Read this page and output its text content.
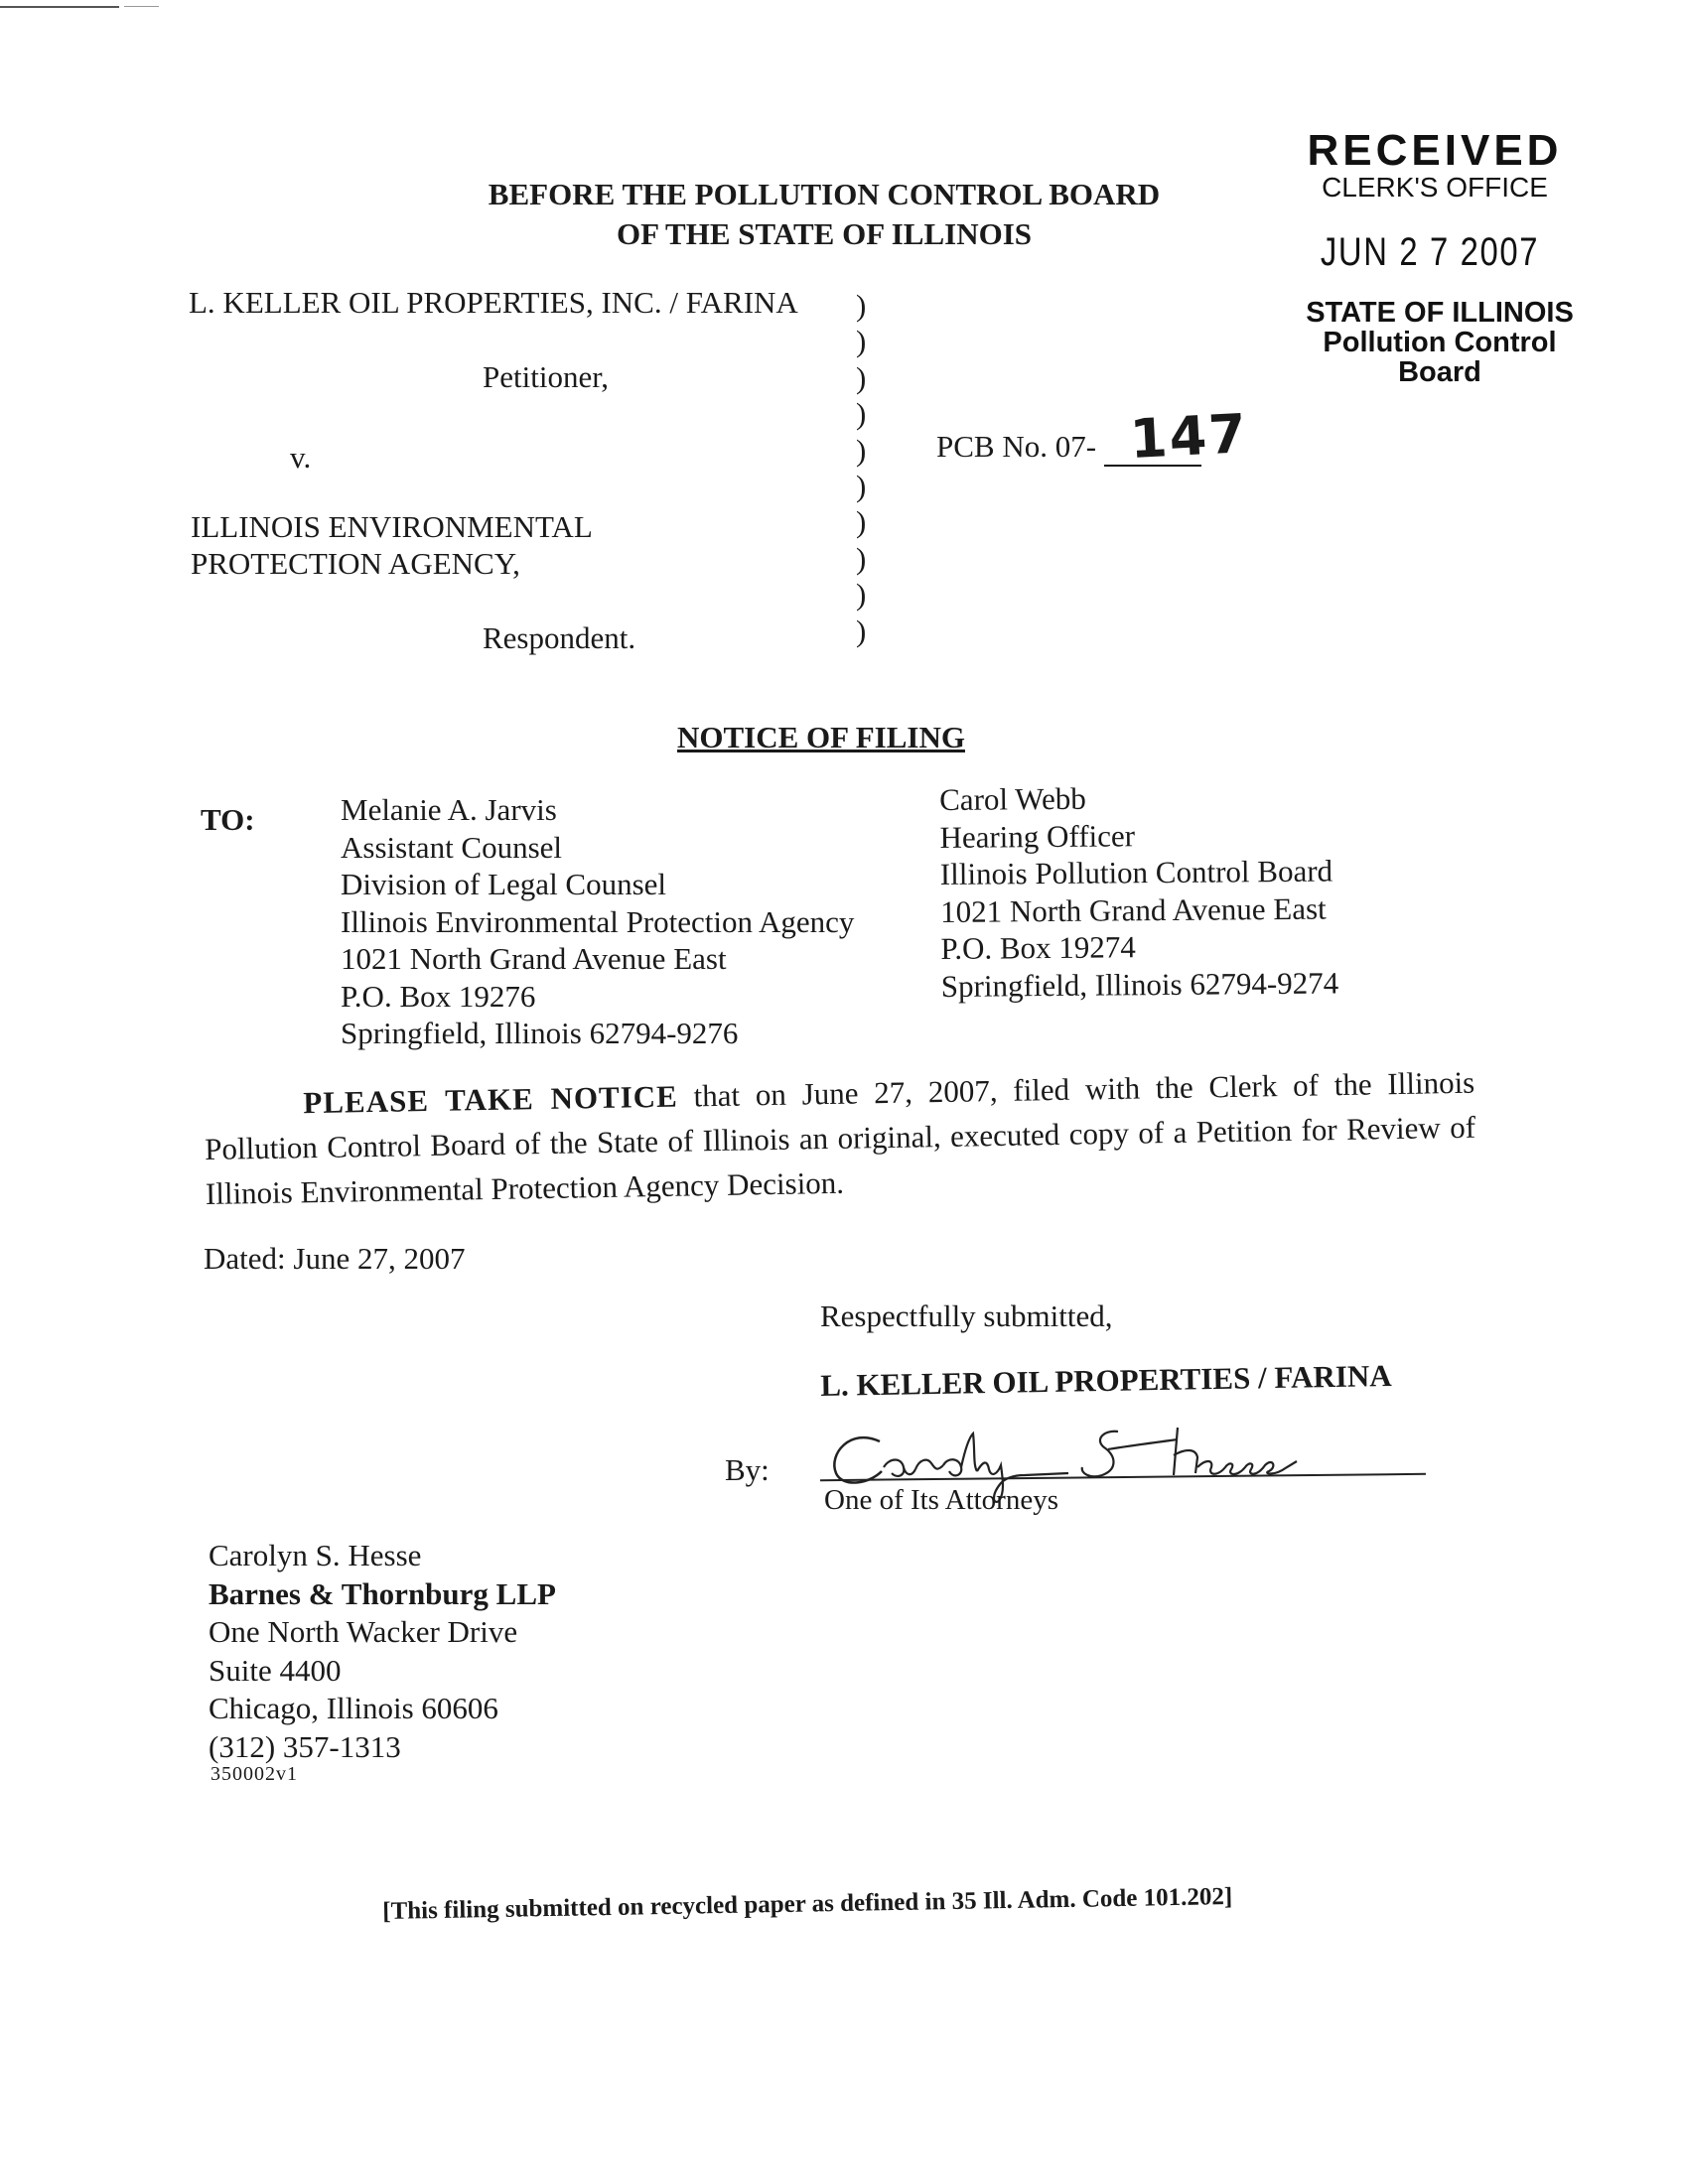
RECEIVED
CLERK'S OFFICE
JUN 2 7 2007
STATE OF ILLINOIS
Pollution Control Board
BEFORE THE POLLUTION CONTROL BOARD
OF THE STATE OF ILLINOIS
L. KELLER OIL PROPERTIES, INC. / FARINA
Petitioner,
v.
ILLINOIS ENVIRONMENTAL
PROTECTION AGENCY,
Respondent.
)
)
)
)
)
)
)
)
)
)
PCB No. 07- 147
NOTICE OF FILING
TO:	Melanie A. Jarvis
Assistant Counsel
Division of Legal Counsel
Illinois Environmental Protection Agency
1021 North Grand Avenue East
P.O. Box 19276
Springfield, Illinois 62794-9276
Carol Webb
Hearing Officer
Illinois Pollution Control Board
1021 North Grand Avenue East
P.O. Box 19274
Springfield, Illinois 62794-9274
PLEASE TAKE NOTICE that on June 27, 2007, filed with the Clerk of the Illinois Pollution Control Board of the State of Illinois an original, executed copy of a Petition for Review of Illinois Environmental Protection Agency Decision.
Dated: June 27, 2007
Respectfully submitted,
L. KELLER OIL PROPERTIES / FARINA
By:
One of Its Attorneys
Carolyn S. Hesse
Barnes & Thornburg LLP
One North Wacker Drive
Suite 4400
Chicago, Illinois 60606
(312) 357-1313
350002v1
[This filing submitted on recycled paper as defined in 35 Ill. Adm. Code 101.202]
